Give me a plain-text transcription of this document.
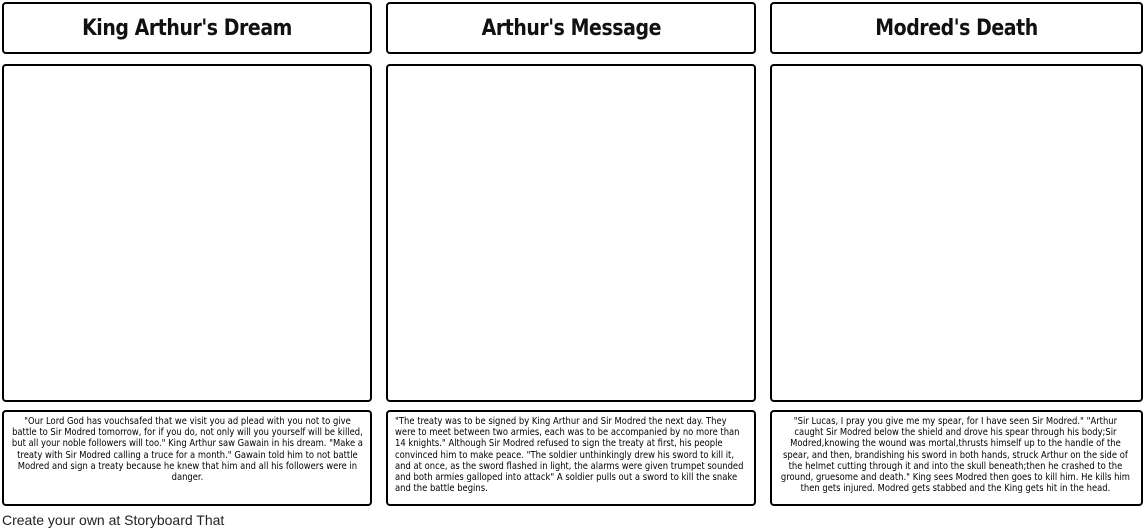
King Arthur's Dream

"Our Lord God has vouchsafed that we visit you ad plead with you not to give battle to Sir Modred tomorrow, for if you do, not only will you yourself will be killed, but all your noble followers will too." King Arthur saw Gawain in his dream. "Make a treaty with Sir Modred calling a truce for a month." Gawain told him to not battle Modred and sign a treaty because he knew that him and all his followers were in danger.

Arthur's Message

"The treaty was to be signed by King Arthur and Sir Modred the next day. They were to meet between two armies, each was to be accompanied by no more than 14 knights." Although Sir Modred refused to sign the treaty at first, his people convinced him to make peace. "The soldier unthinkingly drew his sword to kill it, and at once, as the sword flashed in light, the alarms were given trumpet sounded and both armies galloped into attack" A soldier pulls out a sword to kill the snake and the battle begins.

Modred's Death

"Sir Lucas, I pray you give me my spear, for I have seen Sir Modred." "Arthur caught Sir Modred below the shield and drove his spear through his body;Sir Modred,knowing the wound was mortal,thrusts himself up to the handle of the spear, and then, brandishing his sword in both hands, struck Arthur on the side of the helmet cutting through it and into the skull beneath;then he crashed to the ground, gruesome and death." King sees Modred then goes to kill him. He kills him then gets injured. Modred gets stabbed and the King gets hit in the head.

Create your own at Storyboard That
